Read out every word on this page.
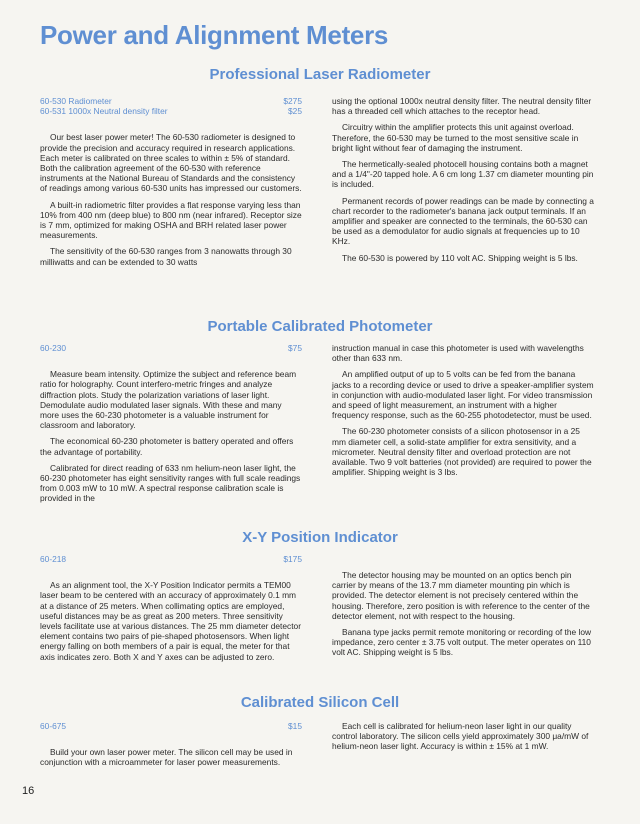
Power and Alignment Meters
Professional Laser Radiometer
60-530 Radiometer	$275
60-531 1000x Neutral density filter	$25

Our best laser power meter! The 60-530 radiometer is designed to provide the precision and accuracy required in research applications. Each meter is calibrated on three scales to within ± 5% of standard. Both the calibration agreement of the 60-530 with reference instruments at the National Bureau of Standards and the consistency of readings among various 60-530 units has impressed our customers.

A built-in radiometric filter provides a flat response varying less than 10% from 400 nm (deep blue) to 800 nm (near infrared). Receptor size is 7 mm, optimized for making OSHA and BRH related laser power measurements.

The sensitivity of the 60-530 ranges from 3 nanowatts through 30 milliwatts and can be extended to 30 watts

using the optional 1000x neutral density filter. The neutral density filter has a threaded cell which attaches to the receptor head.

Circuitry within the amplifier protects this unit against overload. Therefore, the 60-530 may be turned to the most sensitive scale in bright light without fear of damaging the instrument.

The hermetically-sealed photocell housing contains both a magnet and a 1/4"-20 tapped hole. A 6 cm long 1.37 cm diameter mounting pin is included.

Permanent records of power readings can be made by connecting a chart recorder to the radiometer's banana jack output terminals. If an amplifier and speaker are connected to the terminals, the 60-530 can be used as a demodulator for audio signals at frequencies up to 10 KHz.

The 60-530 is powered by 110 volt AC. Shipping weight is 5 lbs.

Portable Calibrated Photometer
60-230	$75

Measure beam intensity. Optimize the subject and reference beam ratio for holography. Count interfero-metric fringes and analyze diffraction plots. Study the polarization variations of laser light. Demodulate audio modulated laser signals. With these and many more uses the 60-230 photometer is a valuable instrument for classroom and laboratory.

The economical 60-230 photometer is battery operated and offers the advantage of portability.

Calibrated for direct reading of 633 nm helium-neon laser light, the 60-230 photometer has eight sensitivity ranges with full scale readings from 0.003 mW to 10 mW. A spectral response calibration scale is provided in the

instruction manual in case this photometer is used with wavelengths other than 633 nm.

An amplified output of up to 5 volts can be fed from the banana jacks to a recording device or used to drive a speaker-amplifier system in conjunction with audio-modulated laser light. For video transmission and speed of light measurement, an instrument with a higher frequency response, such as the 60-255 photodetector, must be used.

The 60-230 photometer consists of a silicon photosensor in a 25 mm diameter cell, a solid-state amplifier for extra sensitivity, and a micrometer. Neutral density filter and overload protection are not available. Two 9 volt batteries (not provided) are required to power the amplifier. Shipping weight is 3 lbs.

X-Y Position Indicator
60-218	$175

As an alignment tool, the X-Y Position Indicator permits a TEM00 laser beam to be centered with an accuracy of approximately 0.1 mm at a distance of 25 meters. When collimating optics are employed, useful distances may be as great as 200 meters. Three sensitivity levels facilitate use at various distances. The 25 mm diameter detector element contains two pairs of pie-shaped photosensors. When light energy falling on both members of a pair is equal, the meter for that axis indicates zero. Both X and Y axes can be adjusted to zero.

The detector housing may be mounted on an optics bench pin carrier by means of the 13.7 mm diameter mounting pin which is provided. The detector element is not precisely centered within the housing. Therefore, zero position is with reference to the center of the detector element, not with respect to the housing.

Banana type jacks permit remote monitoring or recording of the low impedance, zero center ± 3.75 volt output. The meter operates on 110 volt AC. Shipping weight is 5 lbs.

Calibrated Silicon Cell
60-675	$15

Build your own laser power meter. The silicon cell may be used in conjunction with a microammeter for laser power measurements.

Each cell is calibrated for helium-neon laser light in our quality control laboratory. The silicon cells yield approximately 300 μa/mW of helium-neon laser light. Accuracy is within ± 15% at 1 mW.

16
